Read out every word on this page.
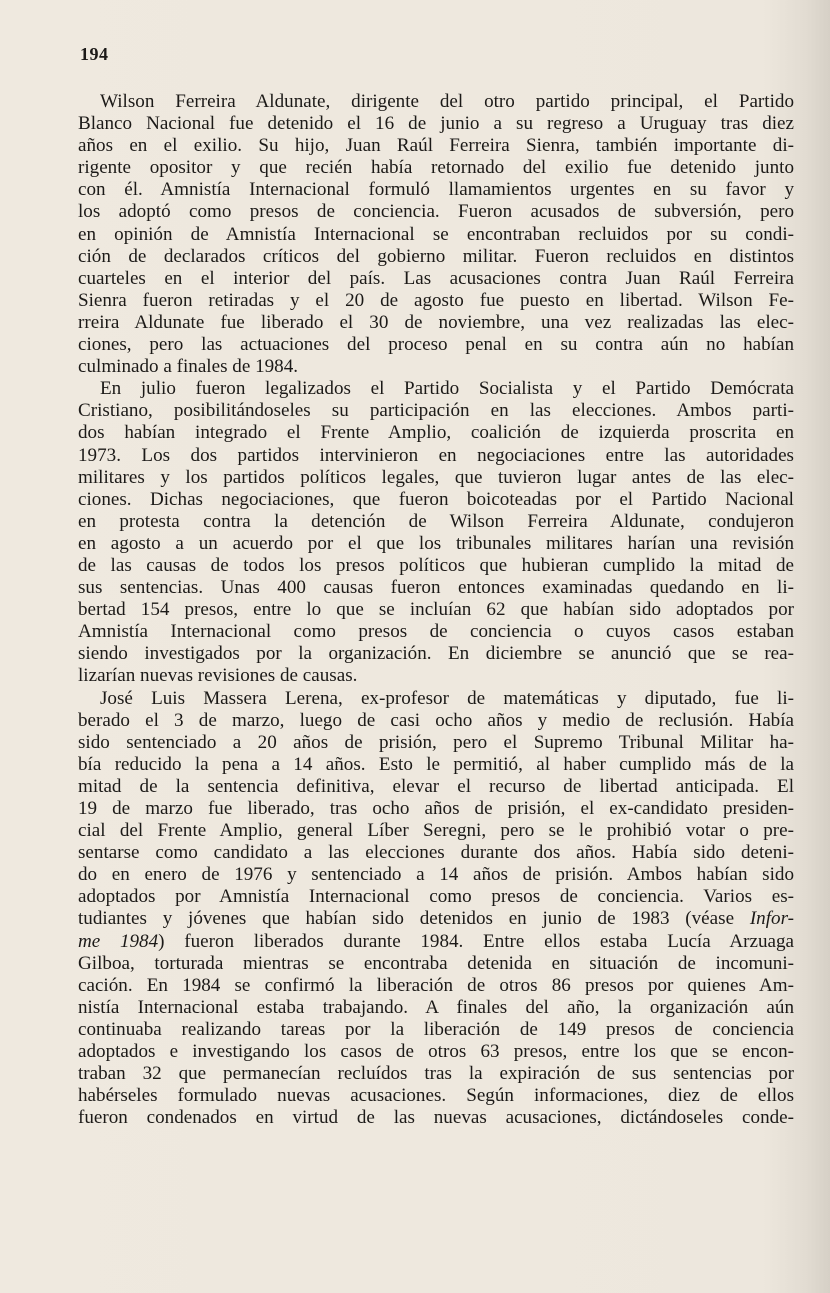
194
Wilson Ferreira Aldunate, dirigente del otro partido principal, el Partido
Blanco Nacional fue detenido el 16 de junio a su regreso a Uruguay tras diez
años en el exilio. Su hijo, Juan Raúl Ferreira Sienra, también importante di-
rigente opositor y que recién había retornado del exilio fue detenido junto
con él. Amnistía Internacional formuló llamamientos urgentes en su favor y
los adoptó como presos de conciencia. Fueron acusados de subversión, pero
en opinión de Amnistía Internacional se encontraban recluidos por su condi-
ción de declarados críticos del gobierno militar. Fueron recluidos en distintos
cuarteles en el interior del país. Las acusaciones contra Juan Raúl Ferreira
Sienra fueron retiradas y el 20 de agosto fue puesto en libertad. Wilson Fe-
rreira Aldunate fue liberado el 30 de noviembre, una vez realizadas las elec-
ciones, pero las actuaciones del proceso penal en su contra aún no habían
culminado a finales de 1984.
En julio fueron legalizados el Partido Socialista y el Partido Demócrata
Cristiano, posibilitándoseles su participación en las elecciones. Ambos parti-
dos habían integrado el Frente Amplio, coalición de izquierda proscrita en
1973. Los dos partidos intervinieron en negociaciones entre las autoridades
militares y los partidos políticos legales, que tuvieron lugar antes de las elec-
ciones. Dichas negociaciones, que fueron boicoteadas por el Partido Nacional
en protesta contra la detención de Wilson Ferreira Aldunate, condujeron
en agosto a un acuerdo por el que los tribunales militares harían una revisión
de las causas de todos los presos políticos que hubieran cumplido la mitad de
sus sentencias. Unas 400 causas fueron entonces examinadas quedando en li-
bertad 154 presos, entre lo que se incluían 62 que habían sido adoptados por
Amnistía Internacional como presos de conciencia o cuyos casos estaban
siendo investigados por la organización. En diciembre se anunció que se rea-
lizarían nuevas revisiones de causas.
José Luis Massera Lerena, ex-profesor de matemáticas y diputado, fue li-
berado el 3 de marzo, luego de casi ocho años y medio de reclusión. Había
sido sentenciado a 20 años de prisión, pero el Supremo Tribunal Militar ha-
bía reducido la pena a 14 años. Esto le permitió, al haber cumplido más de la
mitad de la sentencia definitiva, elevar el recurso de libertad anticipada. El
19 de marzo fue liberado, tras ocho años de prisión, el ex-candidato presiden-
cial del Frente Amplio, general Líber Seregni, pero se le prohibió votar o pre-
sentarse como candidato a las elecciones durante dos años. Había sido deteni-
do en enero de 1976 y sentenciado a 14 años de prisión. Ambos habían sido
adoptados por Amnistía Internacional como presos de conciencia. Varios es-
tudiantes y jóvenes que habían sido detenidos en junio de 1983 (véase Infor-
me 1984) fueron liberados durante 1984. Entre ellos estaba Lucía Arzuaga
Gilboa, torturada mientras se encontraba detenida en situación de incomuni-
cación. En 1984 se confirmó la liberación de otros 86 presos por quienes Am-
nistía Internacional estaba trabajando. A finales del año, la organización aún
continuaba realizando tareas por la liberación de 149 presos de conciencia
adoptados e investigando los casos de otros 63 presos, entre los que se encon-
traban 32 que permanecían recluídos tras la expiración de sus sentencias por
habérseles formulado nuevas acusaciones. Según informaciones, diez de ellos
fueron condenados en virtud de las nuevas acusaciones, dictándoseles conde-
